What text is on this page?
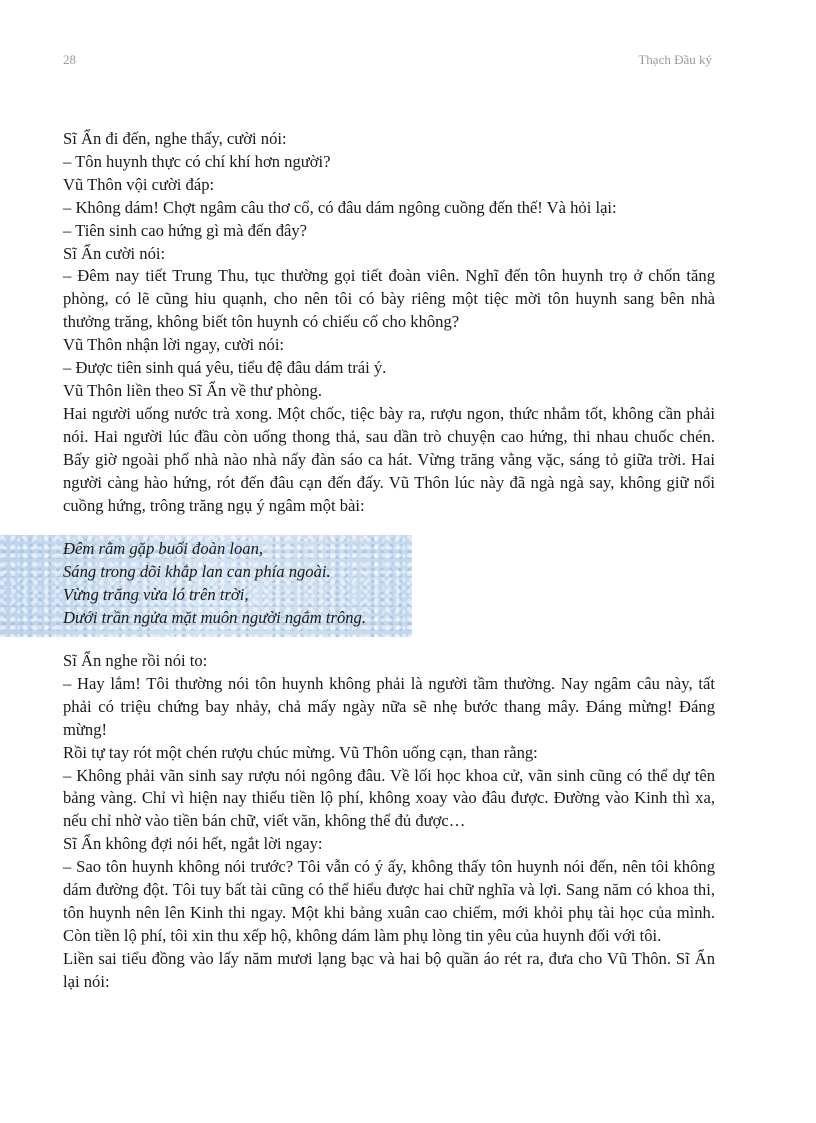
28	Thạch Đầu ký

Sĩ Ẩn đi đến, nghe thấy, cười nói:

– Tôn huynh thực có chí khí hơn người?

Vũ Thôn vội cười đáp:

– Không dám! Chợt ngâm câu thơ cổ, có đâu dám ngông cuồng đến thế! Và hỏi lại:

– Tiên sinh cao hứng gì mà đến đây?

Sĩ Ẩn cười nói:

– Đêm nay tiết Trung Thu, tục thường gọi tiết đoàn viên. Nghĩ đến tôn huynh trọ ở chốn tăng phòng, có lẽ cũng hiu quạnh, cho nên tôi có bày riêng một tiệc mời tôn huynh sang bên nhà thưởng trăng, không biết tôn huynh có chiếu cố cho không?

Vũ Thôn nhận lời ngay, cười nói:

– Được tiên sinh quá yêu, tiểu đệ đâu dám trái ý.

Vũ Thôn liền theo Sĩ Ẩn về thư phòng.

Hai người uống nước trà xong. Một chốc, tiệc bày ra, rượu ngon, thức nhắm tốt, không cần phải nói. Hai người lúc đầu còn uống thong thả, sau dần trò chuyện cao hứng, thi nhau chuốc chén. Bấy giờ ngoài phố nhà nào nhà nấy đàn sáo ca hát. Vừng trăng vằng vặc, sáng tỏ giữa trời. Hai người càng hào hứng, rót đến đâu cạn đến đấy. Vũ Thôn lúc này đã ngà ngà say, không giữ nổi cuồng hứng, trông trăng ngụ ý ngâm một bài:

Đêm rằm gặp buổi đoàn loan,

Sáng trong dõi khắp lan can phía ngoài.

Vừng trăng vừa ló trên trời,

Dưới trần ngửa mặt muôn người ngắm trông.

Sĩ Ẩn nghe rồi nói to:

– Hay lắm! Tôi thường nói tôn huynh không phải là người tầm thường. Nay ngâm câu này, tất phải có triệu chứng bay nhảy, chả mấy ngày nữa sẽ nhẹ bước thang mây. Đáng mừng! Đáng mừng!

Rồi tự tay rót một chén rượu chúc mừng. Vũ Thôn uống cạn, than rằng:

– Không phải vãn sinh say rượu nói ngông đâu. Về lối học khoa cử, vãn sinh cũng có thể dự tên bảng vàng. Chỉ vì hiện nay thiếu tiền lộ phí, không xoay vào đâu được. Đường vào Kinh thì xa, nếu chỉ nhờ vào tiền bán chữ, viết văn, không thể đủ được…

Sĩ Ẩn không đợi nói hết, ngắt lời ngay:

– Sao tôn huynh không nói trước? Tôi vẫn có ý ấy, không thấy tôn huynh nói đến, nên tôi không dám đường đột. Tôi tuy bất tài cũng có thể hiểu được hai chữ nghĩa và lợi. Sang năm có khoa thi, tôn huynh nên lên Kinh thi ngay. Một khi bảng xuân cao chiếm, mới khỏi phụ tài học của mình. Còn tiền lộ phí, tôi xin thu xếp hộ, không dám làm phụ lòng tin yêu của huynh đối với tôi.

Liền sai tiểu đồng vào lấy năm mươi lạng bạc và hai bộ quần áo rét ra, đưa cho Vũ Thôn. Sĩ Ẩn lại nói:
